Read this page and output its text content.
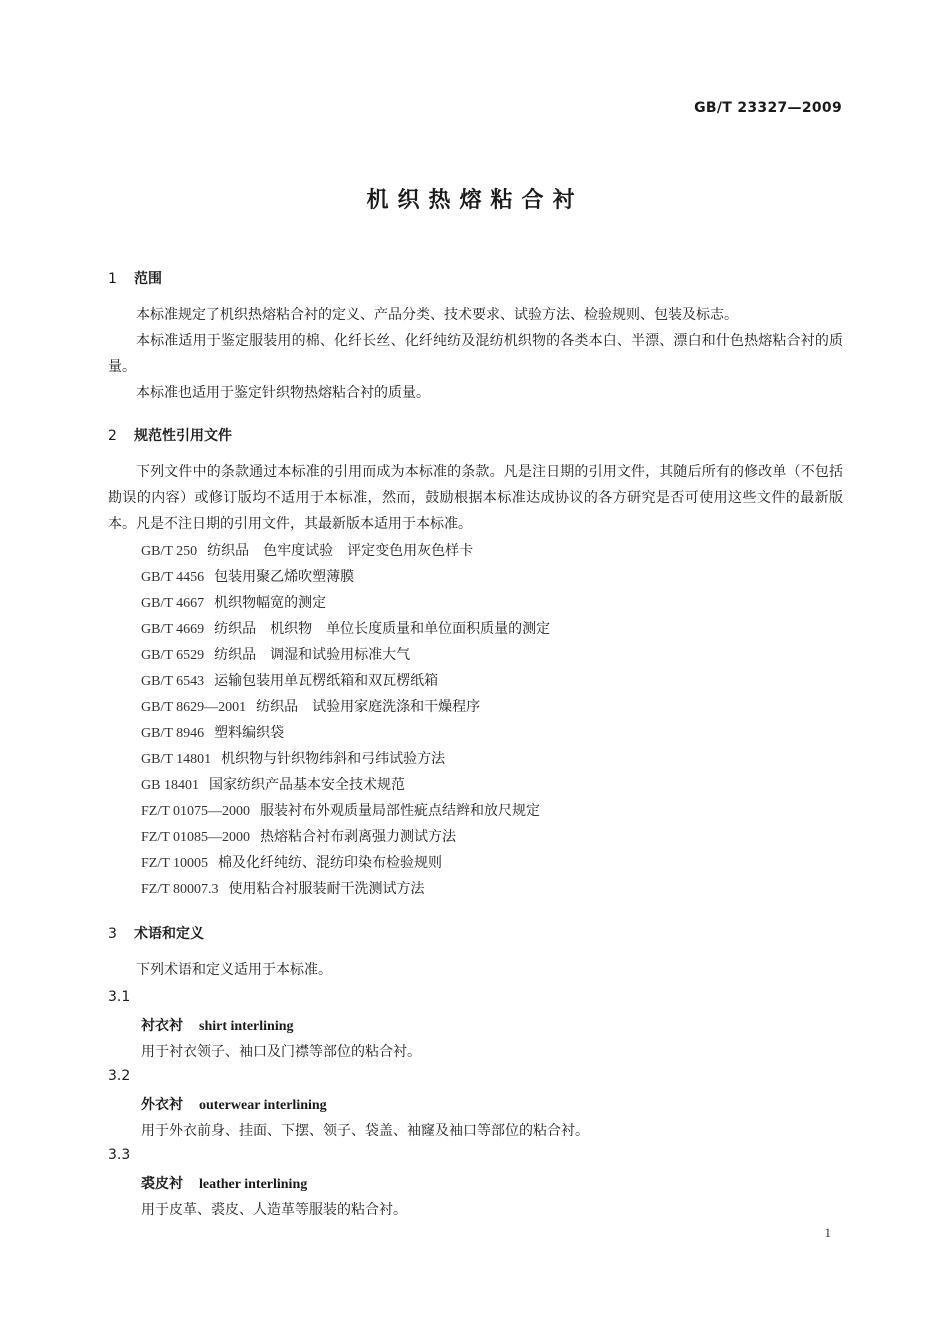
GB/T 23327—2009
机织热熔粘合衬
1 范围
本标准规定了机织热熔粘合衬的定义、产品分类、技术要求、试验方法、检验规则、包装及标志。
本标准适用于鉴定服装用的棉、化纤长丝、化纤纯纺及混纺机织物的各类本白、半漂、漂白和什色热熔粘合衬的质量。
本标准也适用于鉴定针织物热熔粘合衬的质量。
2 规范性引用文件
下列文件中的条款通过本标准的引用而成为本标准的条款。凡是注日期的引用文件，其随后所有的修改单（不包括勘误的内容）或修订版均不适用于本标准，然而，鼓励根据本标准达成协议的各方研究是否可使用这些文件的最新版本。凡是不注日期的引用文件，其最新版本适用于本标准。
GB/T 250 纺织品　色牢度试验　评定变色用灰色样卡
GB/T 4456 包装用聚乙烯吹塑薄膜
GB/T 4667 机织物幅宽的测定
GB/T 4669 纺织品　机织物　单位长度质量和单位面积质量的测定
GB/T 6529 纺织品　调湿和试验用标准大气
GB/T 6543 运输包装用单瓦楞纸箱和双瓦楞纸箱
GB/T 8629—2001 纺织品　试验用家庭洗涤和干燥程序
GB/T 8946 塑料编织袋
GB/T 14801 机织物与针织物纬斜和弓纬试验方法
GB 18401 国家纺织产品基本安全技术规范
FZ/T 01075—2000 服装衬布外观质量局部性疵点结辫和放尺规定
FZ/T 01085—2000 热熔粘合衬布剥离强力测试方法
FZ/T 10005 棉及化纤纯纺、混纺印染布检验规则
FZ/T 80007.3 使用粘合衬服装耐干洗测试方法
3 术语和定义
下列术语和定义适用于本标准。
3.1
衬衣衬 shirt interlining
用于衬衣领子、袖口及门襟等部位的粘合衬。
3.2
外衣衬 outerwear interlining
用于外衣前身、挂面、下摆、领子、袋盖、袖窿及袖口等部位的粘合衬。
3.3
裘皮衬 leather interlining
用于皮革、裘皮、人造革等服装的粘合衬。
1
